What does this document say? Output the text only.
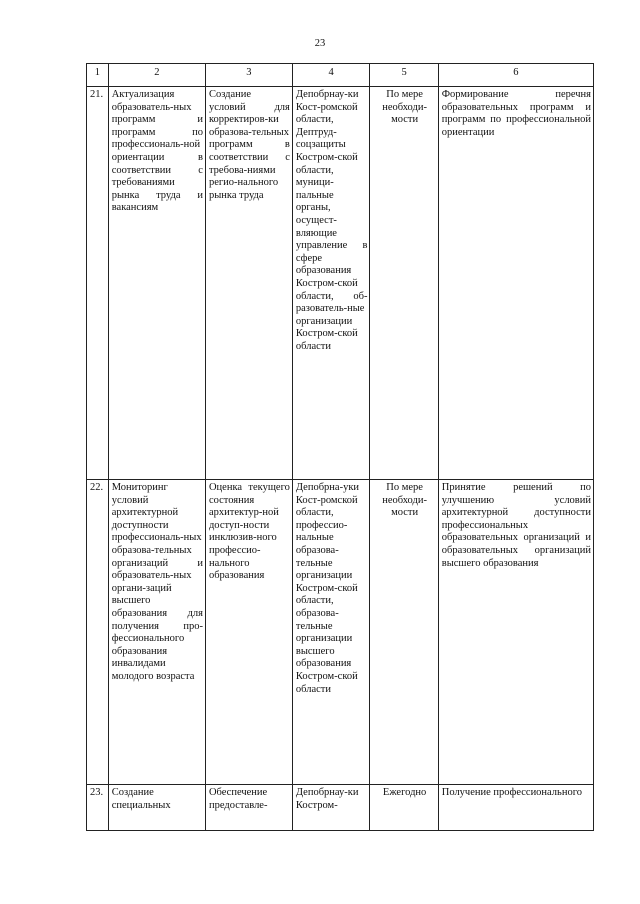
23
1	2	3	4	5	6
21.	Актуализация образователь-ных программ и программ по профессиональ-ной ориентации в соответствии с требованиями рынка труда и вакансиям	Создание условий для корректиров-ки образова-тельных программ в соответствии с требова-ниями регио-нального рынка труда	Депобрнау-ки Кост-ромской области, Дептруд-соцзащиты Костром-ской области, муници-пальные органы, осущест-вляющие управление в сфере образования Костром-ской области, об-разователь-ные организации Костром-ской области	По мере необходи-мости	Формирование перечня образовательных программ и программ по профессиональной ориентации
22.	Мониторинг условий архитектурной доступности профессиональ-ных образова-тельных организаций и образователь-ных органи-заций высшего образования для получения про-фессионального образования инвалидами молодого возраста	Оценка текущего состояния архитектур-ной доступ-ности инклюзив-ного профессио-нального образования	Депобрна-уки Кост-ромской области, профессио-нальные образова-тельные организации Костром-ской области, образова-тельные организации высшего образования Костром-ской области	По мере необходи-мости	Принятие решений по улучшению условий архитектурной доступности профессиональных образовательных организаций и образовательных организаций высшего образования
23.	Создание специальных	Обеспечение предоставле-	Депобрнау-ки Костром-	Ежегодно	Получение профессионального
